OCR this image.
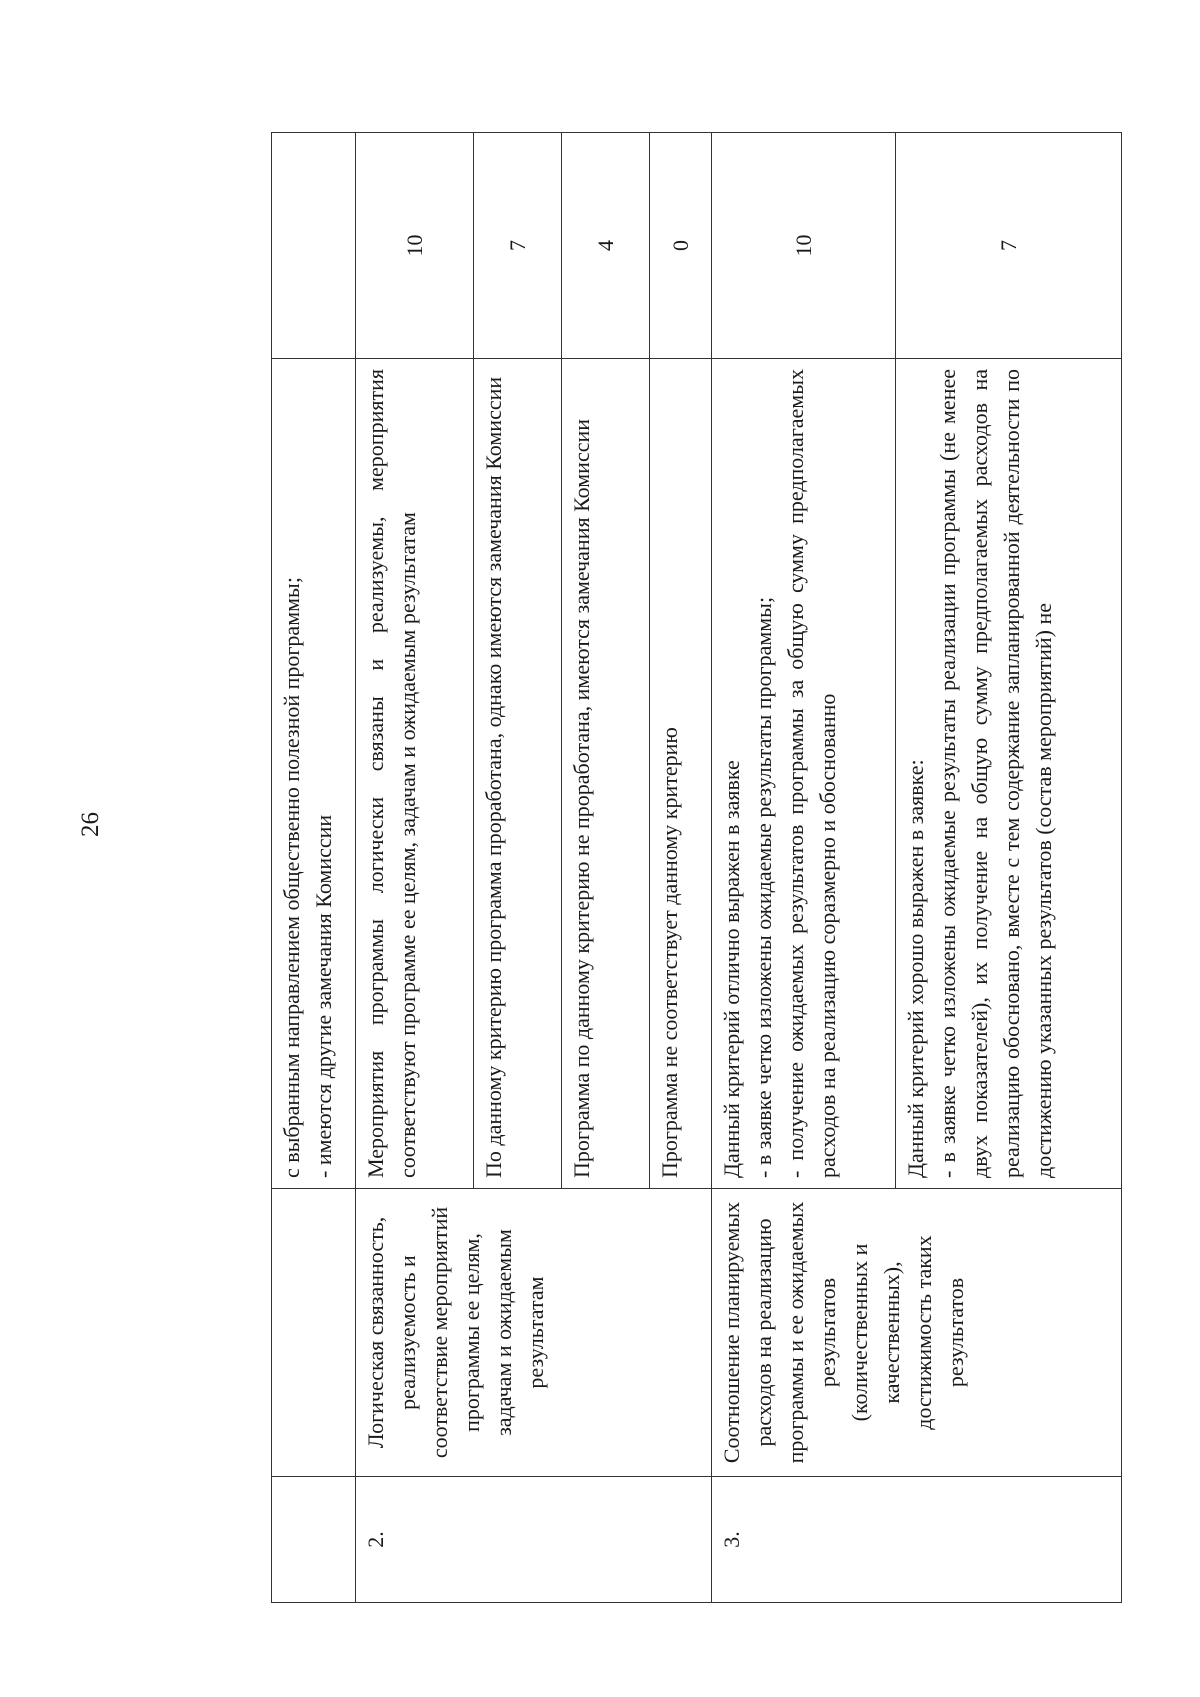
26

		с выбранным направлением общественно полезной программы; - имеются другие замечания Комиссии	

2.	Логическая связанность, реализуемость и соответствие мероприятий программы ее целям, задачам и ожидаемым результатам	Мероприятия программы логически связаны и реализуемы, мероприятия соответствуют программе ее целям, задачам и ожидаемым результатам	10

		По данному критерию программа проработана, однако имеются замечания Комиссии	7

		Программа по данному критерию не проработана, имеются замечания Комиссии	4

		Программа не соответствует данному критерию	0
3.	Соотношение планируемых расходов на реализацию программы и ее ожидаемых результатов (количественных и качественных), достижимость таких результатов	Данный критерий отлично выражен в заявке - в заявке четко изложены ожидаемые результаты программы; - получение ожидаемых результатов программы за общую сумму предполагаемых расходов на реализацию соразмерно и обоснованно	10

		Данный критерий хорошо выражен в заявке: - в заявке четко изложены ожидаемые результаты реализации программы (не менее двух показателей), их получение на общую сумму предполагаемых расходов на реализацию обосновано, вместе с тем содержание запланированной деятельности по достижению указанных результатов (состав мероприятий) не	7
